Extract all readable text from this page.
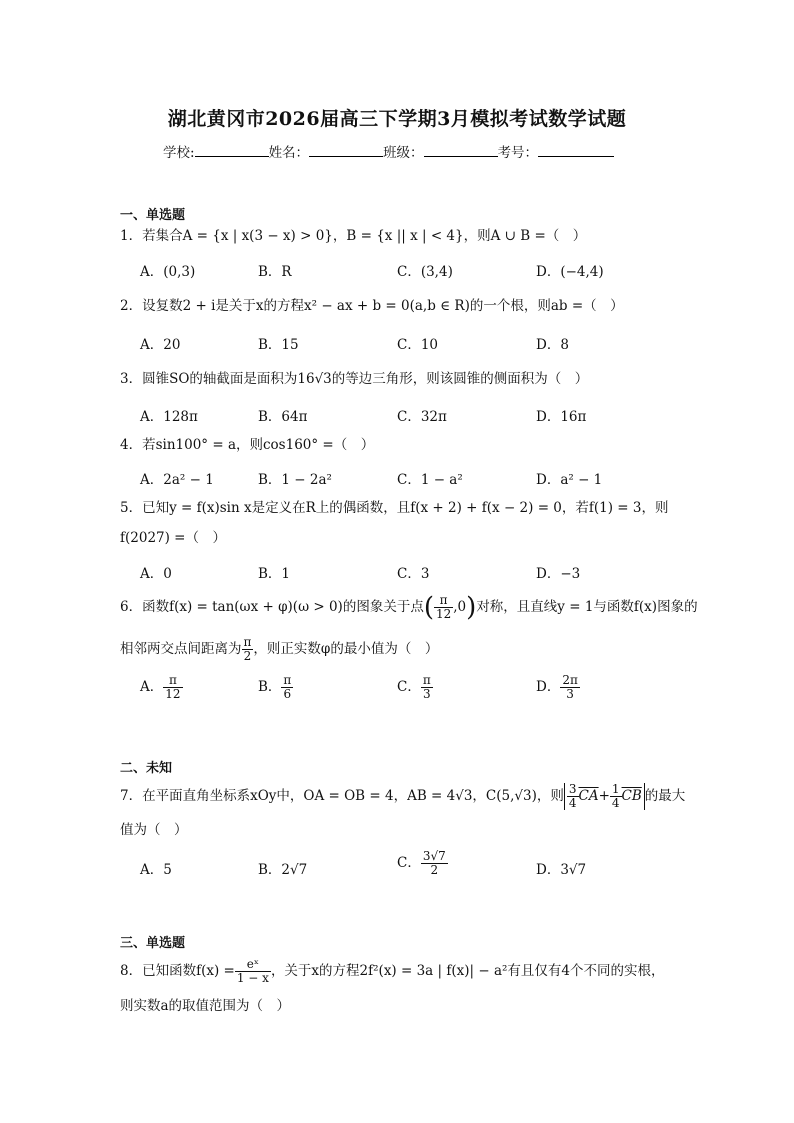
湖北黄冈市2026届高三下学期3月模拟考试数学试题
学校:	姓名：	班级：	考号：
一、单选题
1．若集合A = {x | x(3 − x) > 0}，B = {x || x | < 4}，则A ∪ B =（　）
A．(0,3)	B．R	C．(3,4)	D．(−4,4)
2．设复数2 + i是关于x的方程x² − ax + b = 0(a,b ∈ R)的一个根，则ab =（　）
A．20	B．15	C．10	D．8
3．圆锥SO的轴截面是面积为16√3的等边三角形，则该圆锥的侧面积为（　）
A．128π	B．64π	C．32π	D．16π
4．若sin100° = a，则cos160° =（　）
A．2a² − 1	B．1 − 2a²	C．1 − a²	D．a² − 1
5．已知y = f(x)sin x是定义在R上的偶函数，且f(x + 2) + f(x − 2) = 0，若f(1) = 3，则
f(2027) =（　）
A．0	B．1	C．3	D．−3
6．函数f(x) = tan(ωx + φ)(ω > 0)的图象关于点( $\frac{\pi}{12} ,0$)对称，且直线y = 1与函数f(x)图象的
相邻两交点间距离为 $\frac{\pi}{2}$ ，则正实数φ的最小值为（　）
A． $\frac{\pi}{12}$	B． $\frac{\pi}{6}$	C． $\frac{\pi}{3}$	D． $\frac{2\pi}{3}$
二、未知
7．在平面直角坐标系xOy中，OA = OB = 4，AB = 4√3，C(5,√3)，则 $\frac{3}{4} \overline{CA}+ \frac{1}{4} \overline{CB}$ 的最大
值为（　）
A．5	B．2√7	C． $\frac{3√7}{2}$	D．3√7
三、单选题
8．已知函数$f(x) = \frac{\text{eˣ}}{1 - x}$ ，关于x的方程2f²(x) = 3a | f(x)| − a²有且仅有4个不同的实根，
则实数a的取值范围为（　）
